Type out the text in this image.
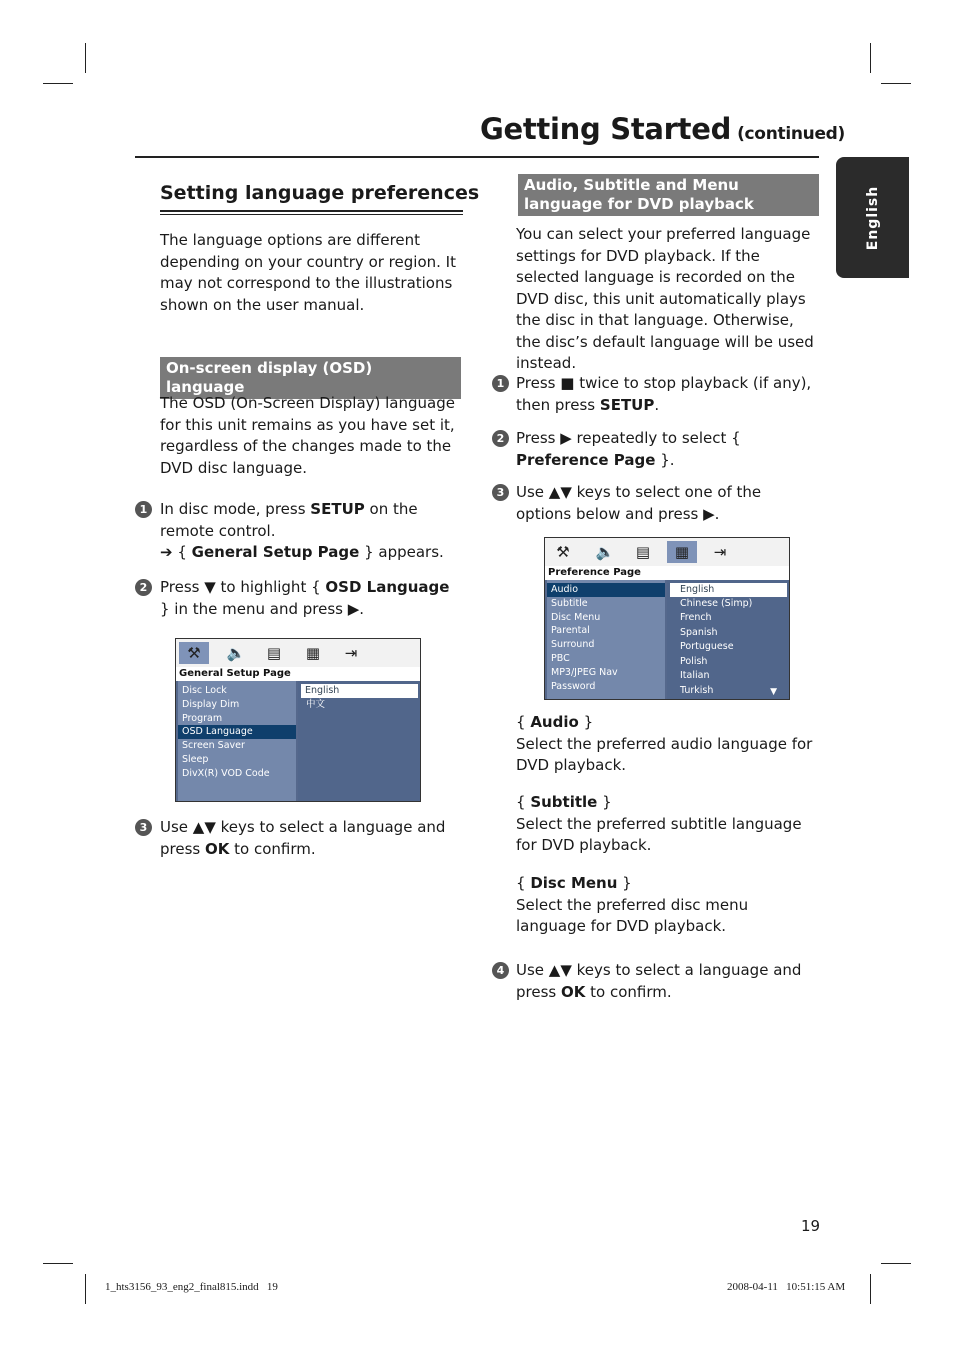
Getting Started (continued)
English
Setting language preferences
The language options are different depending on your country or region. It may not correspond to the illustrations shown on the user manual.
On-screen display (OSD) language
The OSD (On-Screen Display) language for this unit remains as you have set it, regardless of the changes made to the DVD disc language.
1 In disc mode, press SETUP on the remote control.
➔ { General Setup Page } appears.
2 Press ▼ to highlight { OSD Language } in the menu and press ▶.
⚒	🔈	▤	▦	⇥
General Setup Page
Disc Lock
Display Dim
Program
OSD Language
Screen Saver
Sleep
DivX(R) VOD Code
English
中文
3 Use ▲▼ keys to select a language and press OK to confirm.
Audio, Subtitle and Menu language for DVD playback
You can select your preferred language settings for DVD playback. If the selected language is recorded on the DVD disc, this unit automatically plays the disc in that language. Otherwise, the disc’s default language will be used instead.
1 Press ■ twice to stop playback (if any), then press SETUP.
2 Press ▶ repeatedly to select { Preference Page }.
3 Use ▲▼ keys to select one of the options below and press ▶.
⚒	🔈	▤	▦	⇥
Preference Page
Audio
Subtitle
Disc Menu
Parental
Surround
PBC
MP3/JPEG Nav
Password
English
Chinese (Simp)
French
Spanish
Portuguese
Polish
Italian
Turkish	▼
{ Audio }
Select the preferred audio language for DVD playback.
{ Subtitle }
Select the preferred subtitle language for DVD playback.
{ Disc Menu }
Select the preferred disc menu language for DVD playback.
4 Use ▲▼ keys to select a language and press OK to confirm.
19
1_hts3156_93_eng2_final815.indd   19	2008-04-11   10:51:15 AM
